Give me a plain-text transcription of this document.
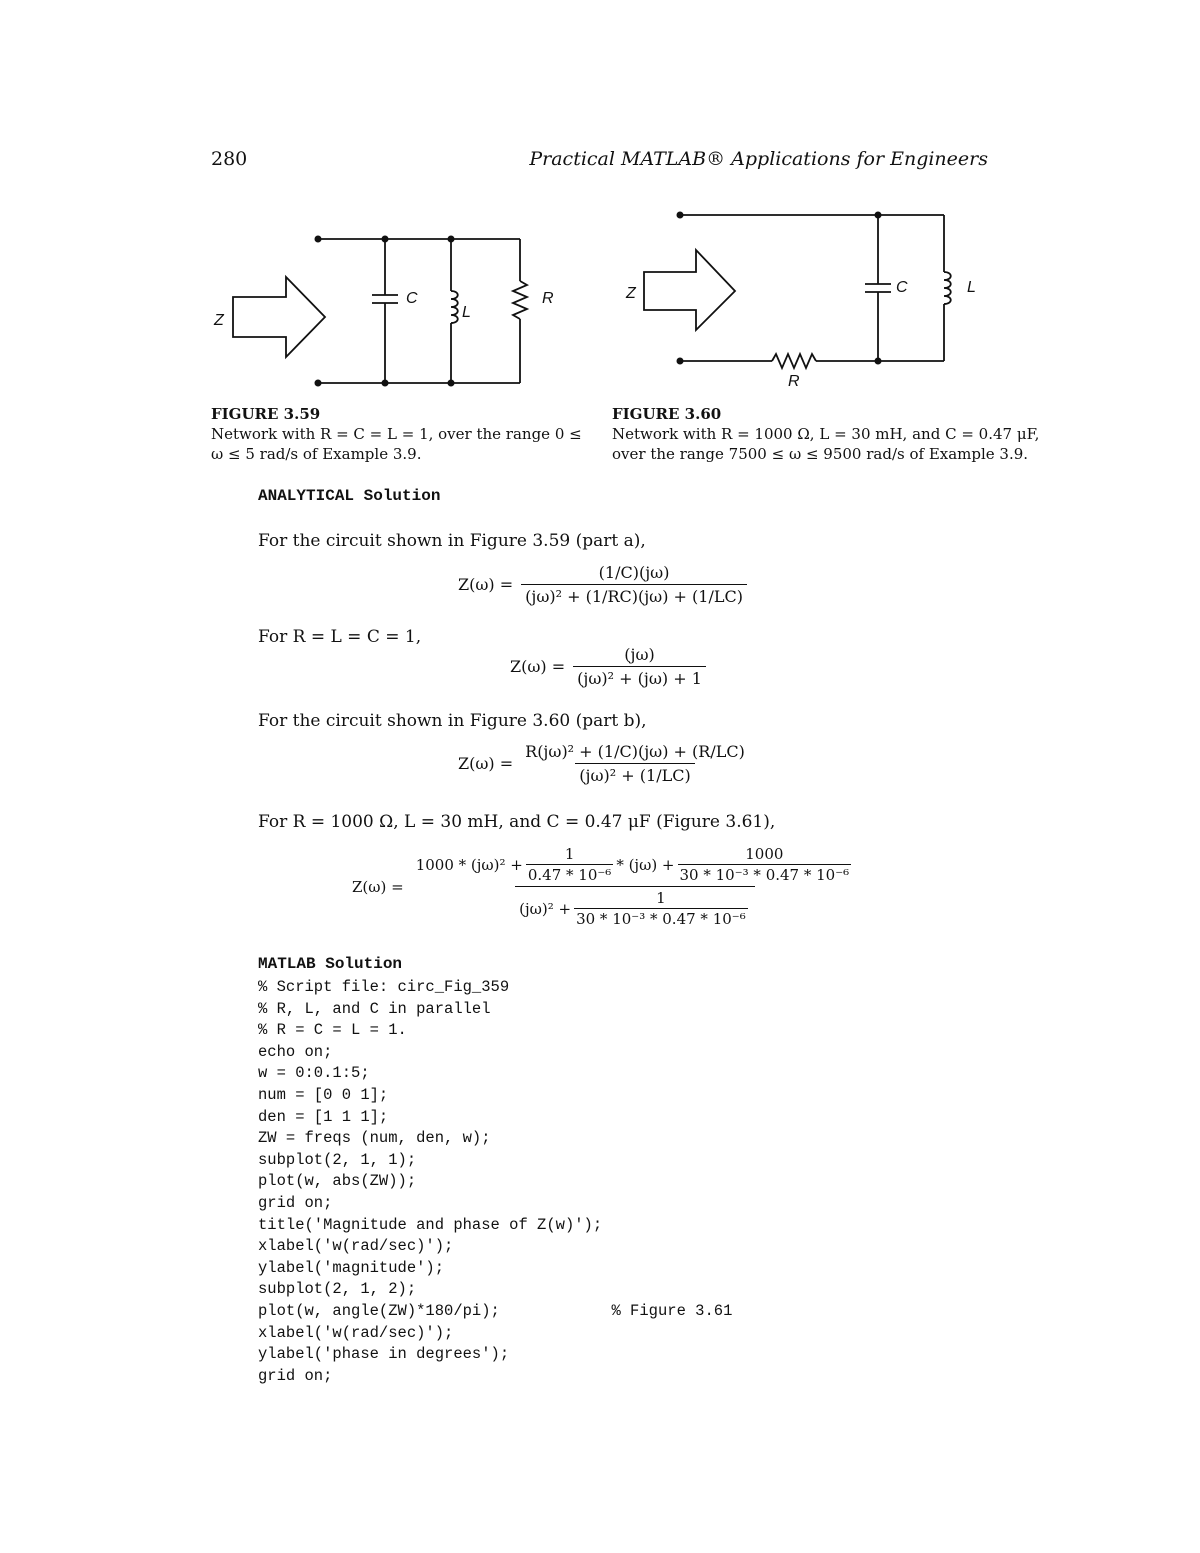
280	Practical MATLAB® Applications for Engineers
Z
C
L
R
FIGURE 3.59
Network with R = C = L = 1, over the range 0 ≤
ω ≤ 5 rad/s of Example 3.9.
Z
R
C	L
FIGURE 3.60
Network with R = 1000 Ω, L = 30 mH, and C = 0.47 μF,
over the range 7500 ≤ ω ≤ 9500 rad/s of Example 3.9.
ANALYTICAL Solution
For the circuit shown in Figure 3.59 (part a),
$Z(\omega) = \frac{(1/C)(j\omega)}{\text{(jω)² + (1/RC)(jω) + (1/LC)}}$
For R = L = C = 1,
$Z(\omega) = \frac{(j\omega)}{\text{(jω)² + (jω) + 1}}$
For the circuit shown in Figure 3.60 (part b),
$Z(\omega) = \frac{\text{R(jω)² + (1/C)(jω) + (R/LC)}}{\text{(jω)² + (1/LC)}}$
For R = 1000 Ω, L = 30 mH, and C = 0.47 μF (Figure 3.61),
Z(ω) =
$1000 * (j\omega)^2 + \frac{1}{\text{0.47 * 10⁻⁶}} * (j\omega) + \frac{1000}{\text{30 * 10⁻³ * 0.47 * 10⁻⁶}}$
$(j\omega)^2 + \frac{1}{\text{30 * 10⁻³ * 0.47 * 10⁻⁶}}$
MATLAB Solution
% Script file: circ_Fig_359
% R, L, and C in parallel
% R = C = L = 1.
echo on;
w = 0:0.1:5;
num = [0 0 1];
den = [1 1 1];
ZW = freqs (num, den, w);
subplot(2, 1, 1);
plot(w, abs(ZW));
grid on;
title('Magnitude and phase of Z(w)');
xlabel('w(rad/sec)');
ylabel('magnitude');
subplot(2, 1, 2);
plot(w, angle(ZW)*180/pi);            % Figure 3.61
xlabel('w(rad/sec)');
ylabel('phase in degrees');
grid on;
